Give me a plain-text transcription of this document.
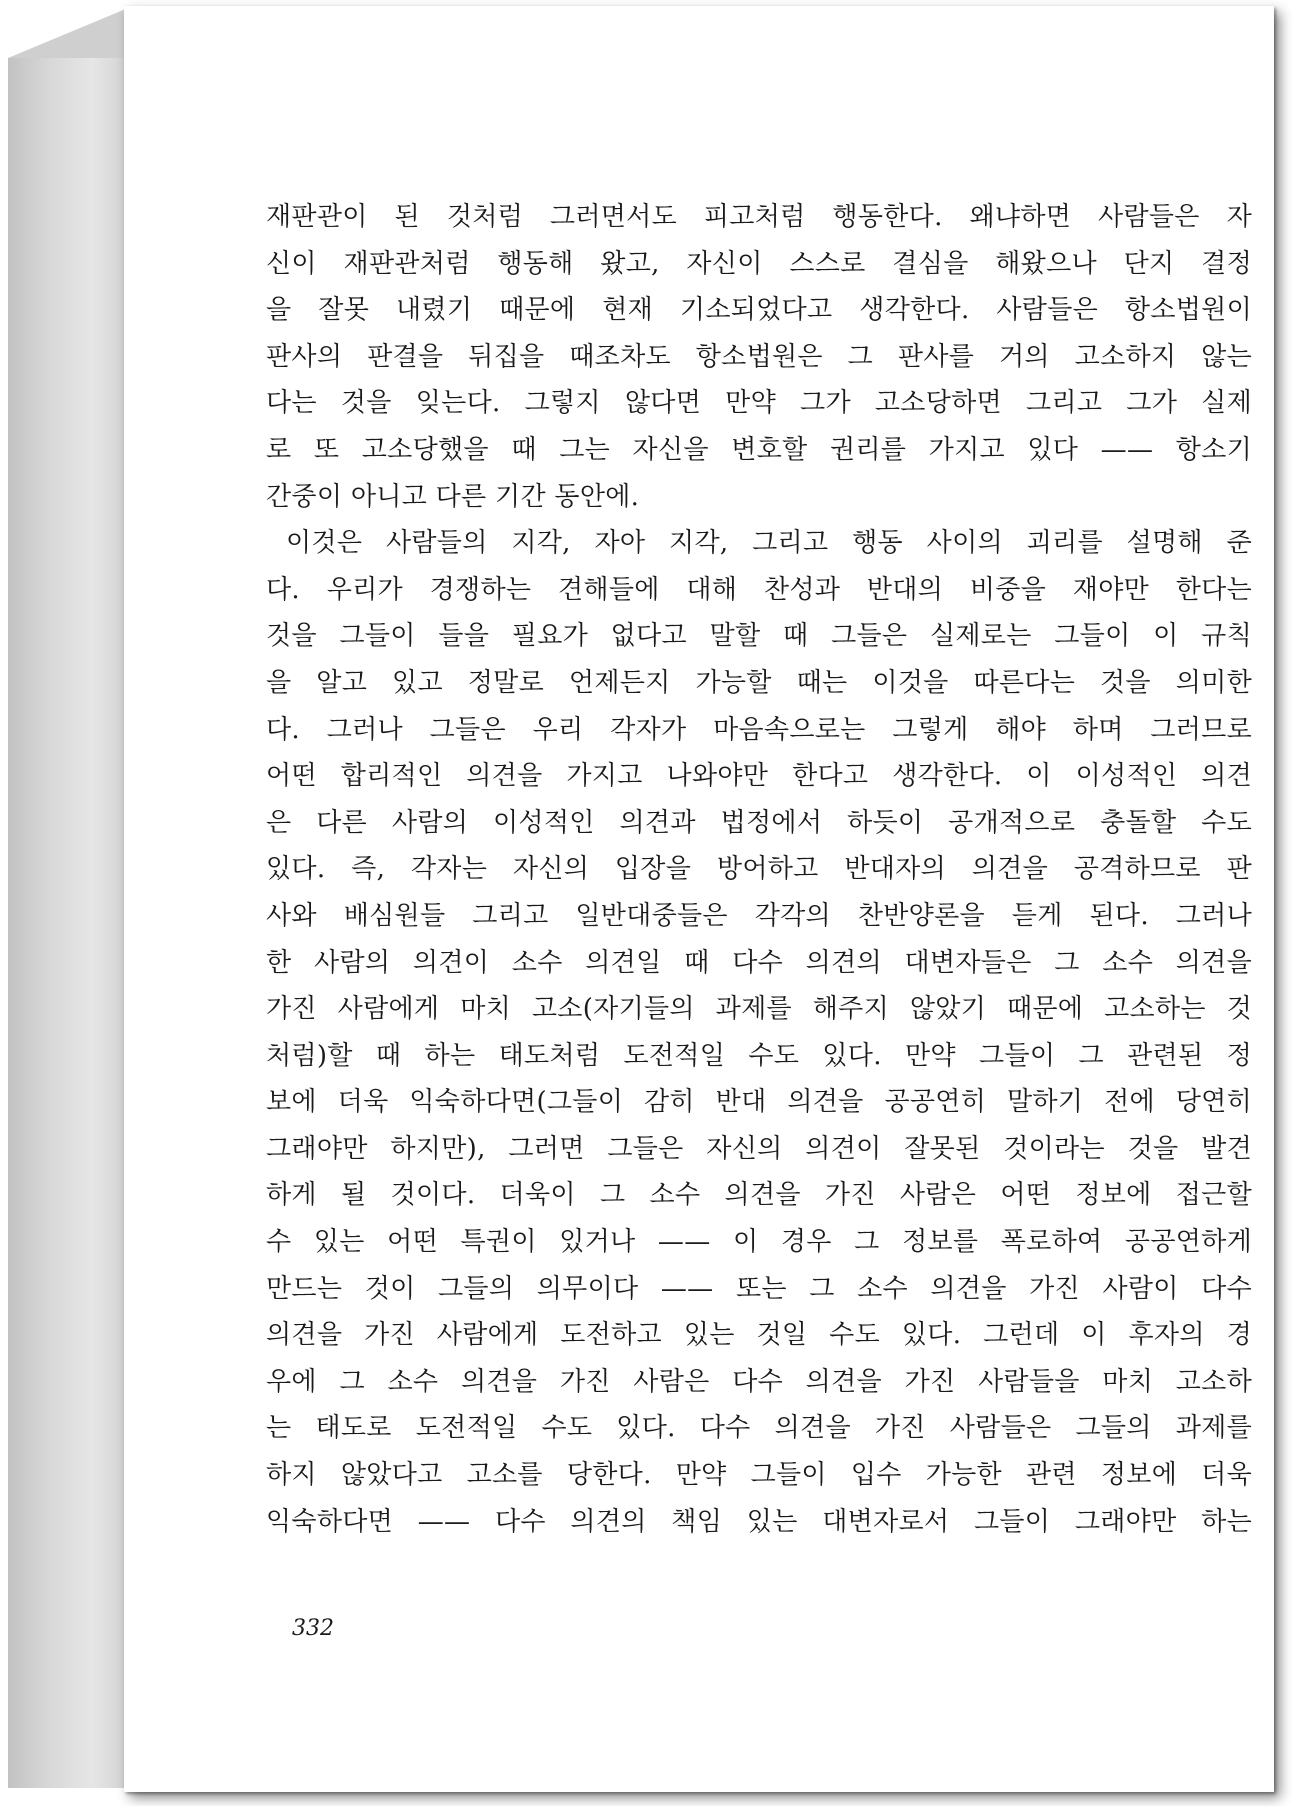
재판관이 된 것처럼 그러면서도 피고처럼 행동한다. 왜냐하면 사람들은 자
신이 재판관처럼 행동해 왔고, 자신이 스스로 결심을 해왔으나 단지 결정
을 잘못 내렸기 때문에 현재 기소되었다고 생각한다. 사람들은 항소법원이
판사의 판결을 뒤집을 때조차도 항소법원은 그 판사를 거의 고소하지 않는
다는 것을 잊는다. 그렇지 않다면 만약 그가 고소당하면 그리고 그가 실제
로 또 고소당했을 때 그는 자신을 변호할 권리를 가지고 있다 —— 항소기
간중이 아니고 다른 기간 동안에.
이것은 사람들의 지각, 자아 지각, 그리고 행동 사이의 괴리를 설명해 준
다. 우리가 경쟁하는 견해들에 대해 찬성과 반대의 비중을 재야만 한다는
것을 그들이 들을 필요가 없다고 말할 때 그들은 실제로는 그들이 이 규칙
을 알고 있고 정말로 언제든지 가능할 때는 이것을 따른다는 것을 의미한
다. 그러나 그들은 우리 각자가 마음속으로는 그렇게 해야 하며 그러므로
어떤 합리적인 의견을 가지고 나와야만 한다고 생각한다. 이 이성적인 의견
은 다른 사람의 이성적인 의견과 법정에서 하듯이 공개적으로 충돌할 수도
있다. 즉, 각자는 자신의 입장을 방어하고 반대자의 의견을 공격하므로 판
사와 배심원들 그리고 일반대중들은 각각의 찬반양론을 듣게 된다. 그러나
한 사람의 의견이 소수 의견일 때 다수 의견의 대변자들은 그 소수 의견을
가진 사람에게 마치 고소(자기들의 과제를 해주지 않았기 때문에 고소하는 것
처럼)할 때 하는 태도처럼 도전적일 수도 있다. 만약 그들이 그 관련된 정
보에 더욱 익숙하다면(그들이 감히 반대 의견을 공공연히 말하기 전에 당연히
그래야만 하지만), 그러면 그들은 자신의 의견이 잘못된 것이라는 것을 발견
하게 될 것이다. 더욱이 그 소수 의견을 가진 사람은 어떤 정보에 접근할
수 있는 어떤 특권이 있거나 —— 이 경우 그 정보를 폭로하여 공공연하게
만드는 것이 그들의 의무이다 —— 또는 그 소수 의견을 가진 사람이 다수
의견을 가진 사람에게 도전하고 있는 것일 수도 있다. 그런데 이 후자의 경
우에 그 소수 의견을 가진 사람은 다수 의견을 가진 사람들을 마치 고소하
는 태도로 도전적일 수도 있다. 다수 의견을 가진 사람들은 그들의 과제를
하지 않았다고 고소를 당한다. 만약 그들이 입수 가능한 관련 정보에 더욱
익숙하다면 —— 다수 의견의 책임 있는 대변자로서 그들이 그래야만 하는
332
